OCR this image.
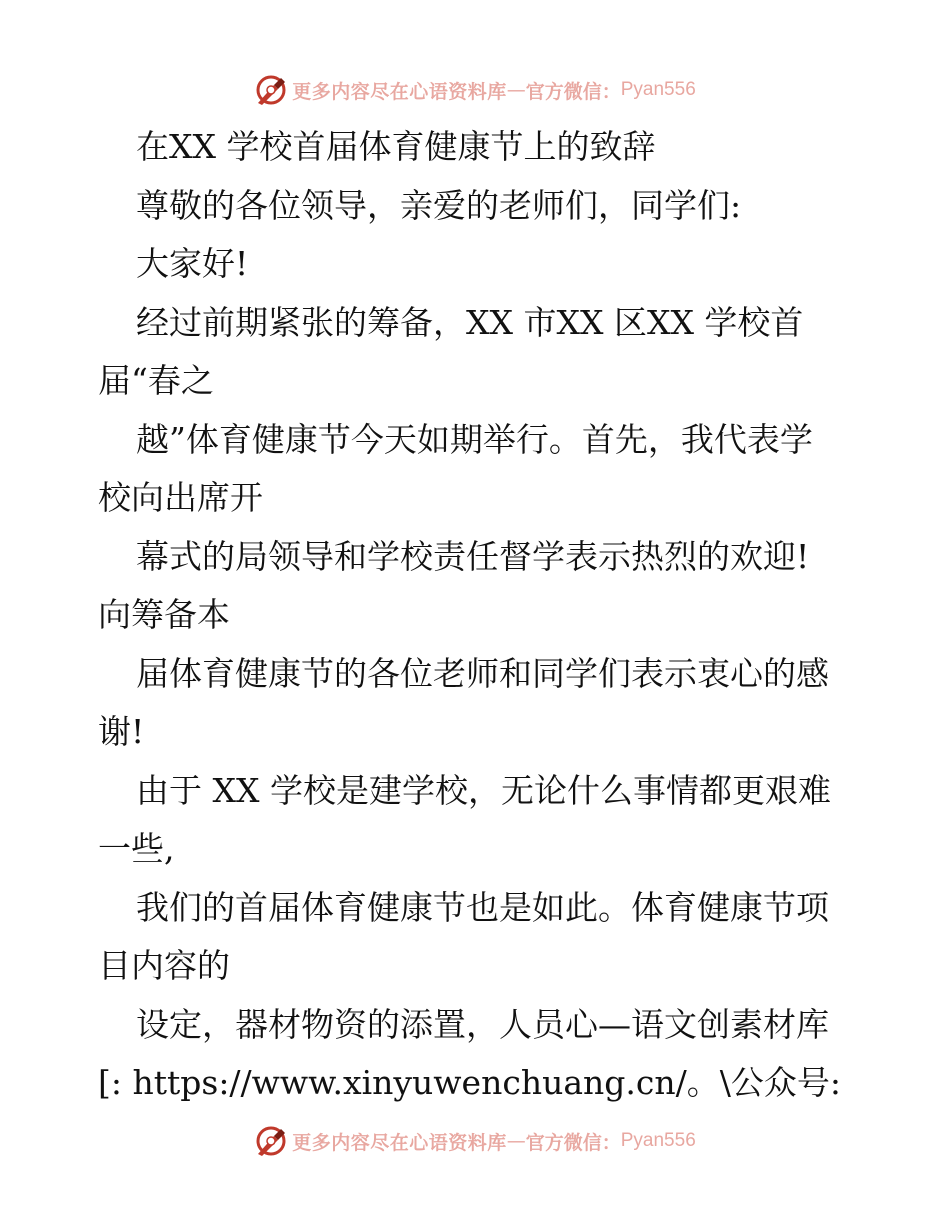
更多内容尽在心语资料库 — 官方微信： Pyan556
在XX 学校首届体育健康节上的致辞
尊敬的各位领导，亲爱的老师们，同学们:
大家好!
经过前期紧张的筹备，XX 市XX 区XX 学校首
届“春之
越”体育健康节今天如期举行。首先，我代表学
校向出席开
幕式的局领导和学校责任督学表示热烈的欢迎!
向筹备本
届体育健康节的各位老师和同学们表示衷心的感
谢!
由于 XX 学校是建学校，无论什么事情都更艰难
一些,
我们的首届体育健康节也是如此。体育健康节项
目内容的
设定，器材物资的添置，人员心—语文创素材库
[: https://www.xinyuwenchuang.cn/。\公众号:
更多内容尽在心语资料库 — 官方微信： Pyan556
